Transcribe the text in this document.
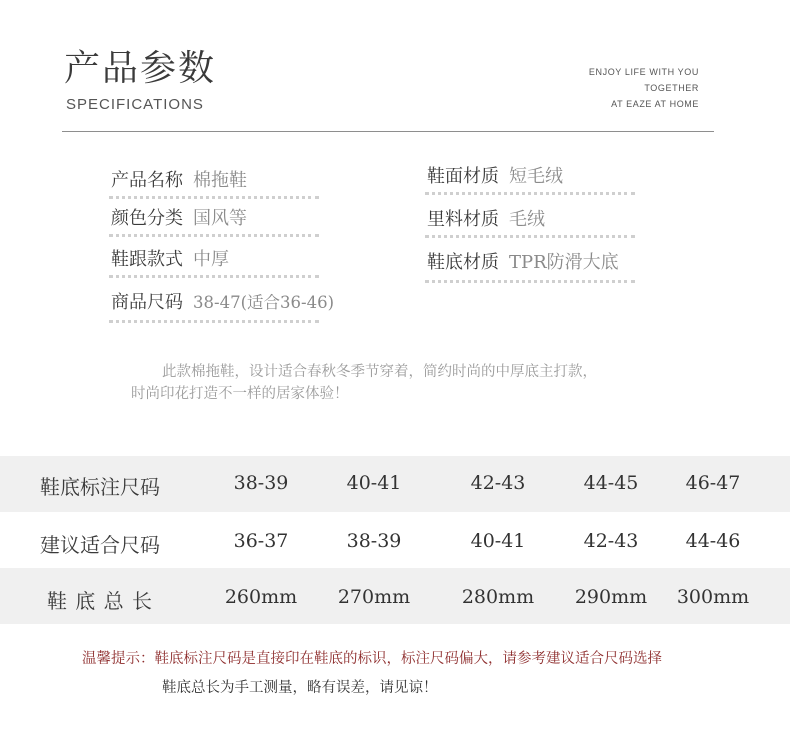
产品参数
SPECIFICATIONS
ENJOY LIFE WITH YOU
TOGETHER
AT EAZE AT HOME
产品名称 棉拖鞋
颜色分类 国风等
鞋跟款式 中厚
商品尺码 38-47(适合36-46)
鞋面材质 短毛绒
里料材质 毛绒
鞋底材质 TPR防滑大底
此款棉拖鞋，设计适合春秋冬季节穿着，简约时尚的中厚底主打款，
时尚印花打造不一样的居家体验！
鞋底标注尺码	38-39	40-41	42-43	44-45	46-47
建议适合尺码	36-37	38-39	40-41	42-43	44-46
鞋 底 总 长	260mm	270mm	280mm	290mm	300mm
温馨提示：鞋底标注尺码是直接印在鞋底的标识，标注尺码偏大，请参考建议适合尺码选择
鞋底总长为手工测量，略有误差，请见谅！
